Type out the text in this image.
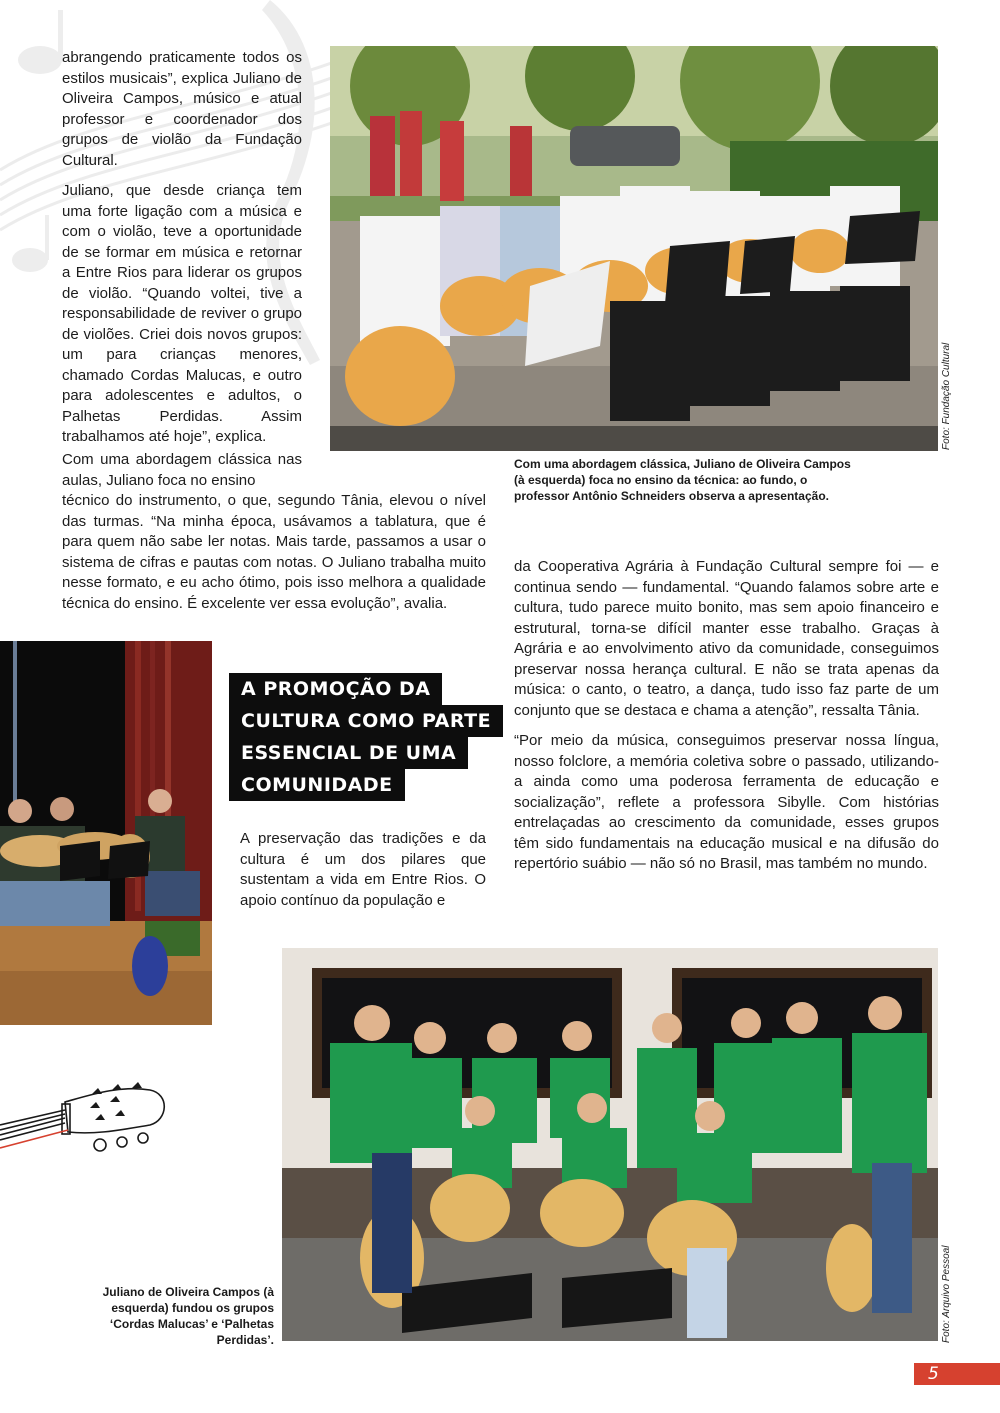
abrangendo praticamente todos os estilos musicais”, explica Juliano de Oliveira Campos, músico e atual professor e coordenador dos grupos de violão da Fundação Cultural.

Juliano, que desde criança tem uma forte ligação com a música e com o violão, teve a oportunidade de se formar em música e retornar a Entre Rios para liderar os grupos de violão. “Quando voltei, tive a responsabilidade de reviver o grupo de violões. Criei dois novos grupos: um para crianças menores, chamado Cordas Malucas, e outro para adolescentes e adultos, o Palhetas Perdidas. Assim trabalhamos até hoje”, explica.

Com uma abordagem clássica nas aulas, Juliano foca no ensino
técnico do instrumento, o que, segundo Tânia, elevou o nível das turmas. “Na minha época, usávamos a tablatura, que é para quem não sabe ler notas. Mais tarde, passamos a usar o sistema de cifras e pautas com notas. O Juliano trabalha muito nesse formato, e eu acho ótimo, pois isso melhora a qualidade técnica do ensino. É excelente ver essa evolução”, avalia.
Foto: Fundação Cultural
Com uma abordagem clássica, Juliano de Oliveira Campos (à esquerda) foca no ensino da técnica: ao fundo, o professor Antônio Schneiders observa a apresentação.
A PROMOÇÃO DA
CULTURA COMO PARTE
ESSENCIAL DE UMA
COMUNIDADE
A preservação das tradições e da cultura é um dos pilares que sustentam a vida em Entre Rios. O apoio contínuo da população e

da Cooperativa Agrária à Fundação Cultural sempre foi — e continua sendo — fundamental. “Quando falamos sobre arte e cultura, tudo parece muito bonito, mas sem apoio financeiro e estrutural, torna-se difícil manter esse trabalho. Graças à Agrária e ao envolvimento ativo da comunidade, conseguimos preservar nossa herança cultural. E não se trata apenas da música: o canto, o teatro, a dança, tudo isso faz parte de um conjunto que se destaca e chama a atenção”, ressalta Tânia.

“Por meio da música, conseguimos preservar nossa língua, nosso folclore, a memória coletiva sobre o passado, utilizando-a ainda como uma poderosa ferramenta de educação e socialização”, reflete a professora Sibylle. Com histórias entrelaçadas ao crescimento da comunidade, esses grupos têm sido fundamentais na educação musical e na difusão do repertório suábio — não só no Brasil, mas também no mundo.

Foto: Arquivo Pessoal
Juliano de Oliveira Campos (à esquerda) fundou os grupos ‘Cordas Malucas’ e ‘Palhetas Perdidas’.
5
